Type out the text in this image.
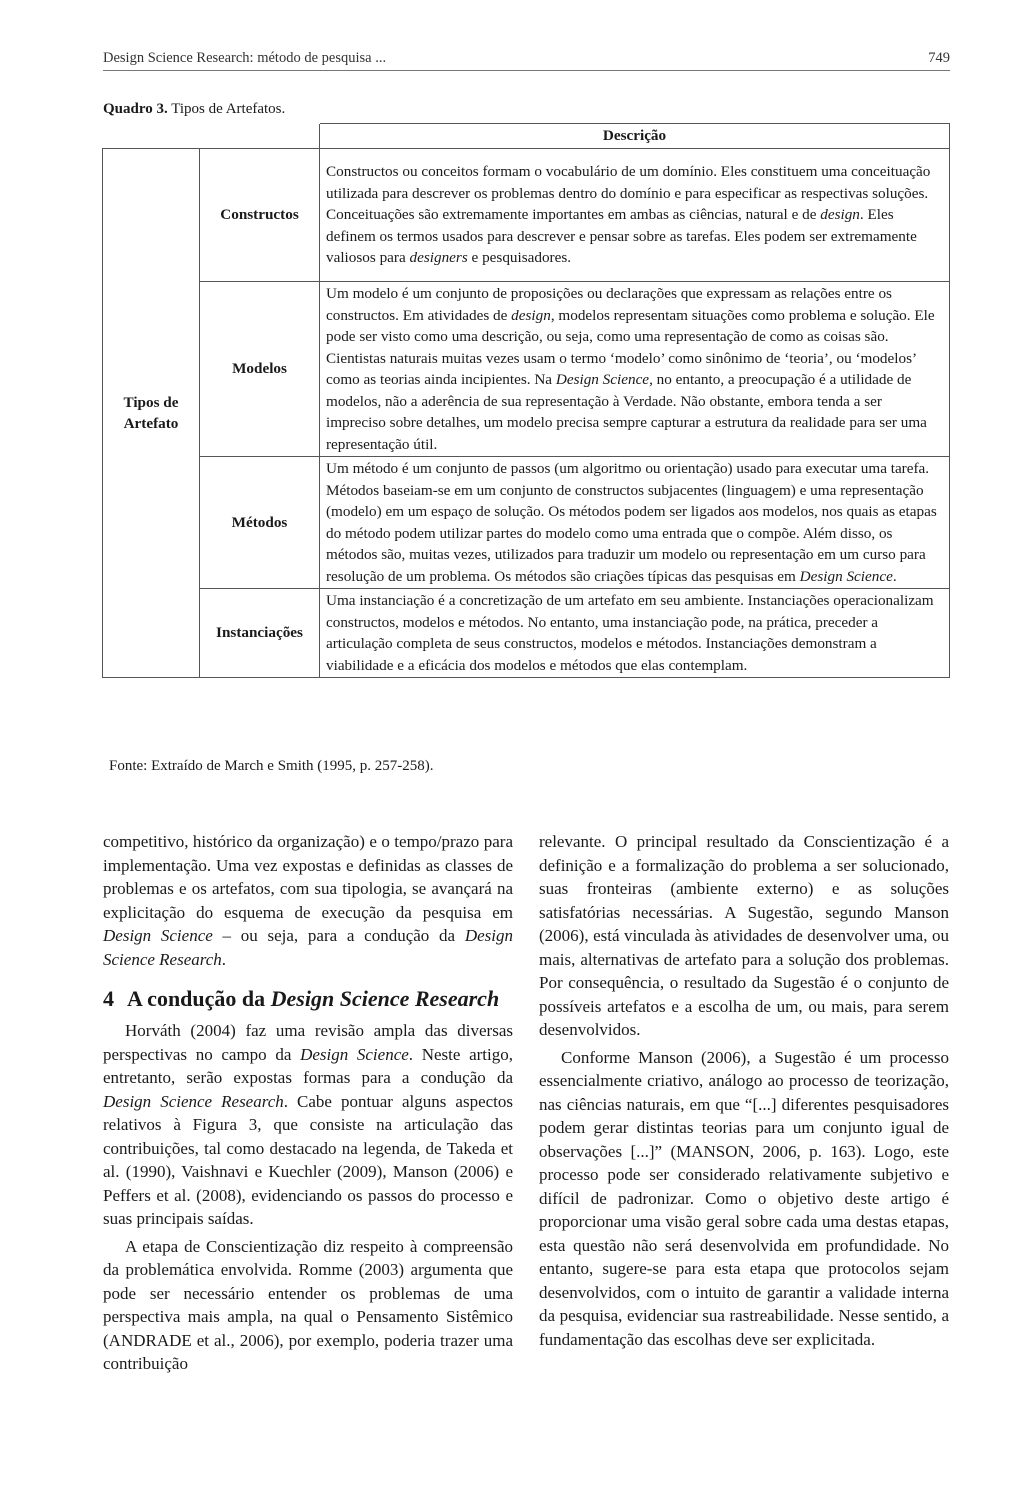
Design Science Research: método de pesquisa ...	749
Quadro 3. Tipos de Artefatos.
		Descrição
Tipos de Artefato	Constructos	Constructos ou conceitos formam o vocabulário de um domínio. Eles constituem uma conceituação utilizada para descrever os problemas dentro do domínio e para especificar as respectivas soluções. Conceituações são extremamente importantes em ambas as ciências, natural e de design. Eles definem os termos usados para descrever e pensar sobre as tarefas. Eles podem ser extremamente valiosos para designers e pesquisadores.
	Modelos	Um modelo é um conjunto de proposições ou declarações que expressam as relações entre os constructos. Em atividades de design, modelos representam situações como problema e solução. Ele pode ser visto como uma descrição, ou seja, como uma representação de como as coisas são. Cientistas naturais muitas vezes usam o termo ‘modelo’ como sinônimo de ‘teoria’, ou ‘modelos’ como as teorias ainda incipientes. Na Design Science, no entanto, a preocupação é a utilidade de modelos, não a aderência de sua representação à Verdade. Não obstante, embora tenda a ser impreciso sobre detalhes, um modelo precisa sempre capturar a estrutura da realidade para ser uma representação útil.
	Métodos	Um método é um conjunto de passos (um algoritmo ou orientação) usado para executar uma tarefa. Métodos baseiam-se em um conjunto de constructos subjacentes (linguagem) e uma representação (modelo) em um espaço de solução. Os métodos podem ser ligados aos modelos, nos quais as etapas do método podem utilizar partes do modelo como uma entrada que o compõe. Além disso, os métodos são, muitas vezes, utilizados para traduzir um modelo ou representação em um curso para resolução de um problema. Os métodos são criações típicas das pesquisas em Design Science.
	Instanciações	Uma instanciação é a concretização de um artefato em seu ambiente. Instanciações operacionalizam constructos, modelos e métodos. No entanto, uma instanciação pode, na prática, preceder a articulação completa de seus constructos, modelos e métodos. Instanciações demonstram a viabilidade e a eficácia dos modelos e métodos que elas contemplam.
Fonte: Extraído de March e Smith (1995, p. 257-258).

competitivo, histórico da organização) e o tempo/prazo para implementação. Uma vez expostas e definidas as classes de problemas e os artefatos, com sua tipologia, se avançará na explicitação do esquema de execução da pesquisa em Design Science – ou seja, para a condução da Design Science Research.

4 A condução da Design Science Research

Horváth (2004) faz uma revisão ampla das diversas perspectivas no campo da Design Science. Neste artigo, entretanto, serão expostas formas para a condução da Design Science Research. Cabe pontuar alguns aspectos relativos à Figura 3, que consiste na articulação das contribuições, tal como destacado na legenda, de Takeda et al. (1990), Vaishnavi e Kuechler (2009), Manson (2006) e Peffers et al. (2008), evidenciando os passos do processo e suas principais saídas.

A etapa de Conscientização diz respeito à compreensão da problemática envolvida. Romme (2003) argumenta que pode ser necessário entender os problemas de uma perspectiva mais ampla, na qual o Pensamento Sistêmico (ANDRADE et al., 2006), por exemplo, poderia trazer uma contribuição

relevante. O principal resultado da Conscientização é a definição e a formalização do problema a ser solucionado, suas fronteiras (ambiente externo) e as soluções satisfatórias necessárias. A Sugestão, segundo Manson (2006), está vinculada às atividades de desenvolver uma, ou mais, alternativas de artefato para a solução dos problemas. Por consequência, o resultado da Sugestão é o conjunto de possíveis artefatos e a escolha de um, ou mais, para serem desenvolvidos.

Conforme Manson (2006), a Sugestão é um processo essencialmente criativo, análogo ao processo de teorização, nas ciências naturais, em que “[...] diferentes pesquisadores podem gerar distintas teorias para um conjunto igual de observações [...]” (MANSON, 2006, p. 163). Logo, este processo pode ser considerado relativamente subjetivo e difícil de padronizar. Como o objetivo deste artigo é proporcionar uma visão geral sobre cada uma destas etapas, esta questão não será desenvolvida em profundidade. No entanto, sugere-se para esta etapa que protocolos sejam desenvolvidos, com o intuito de garantir a validade interna da pesquisa, evidenciar sua rastreabilidade. Nesse sentido, a fundamentação das escolhas deve ser explicitada.
